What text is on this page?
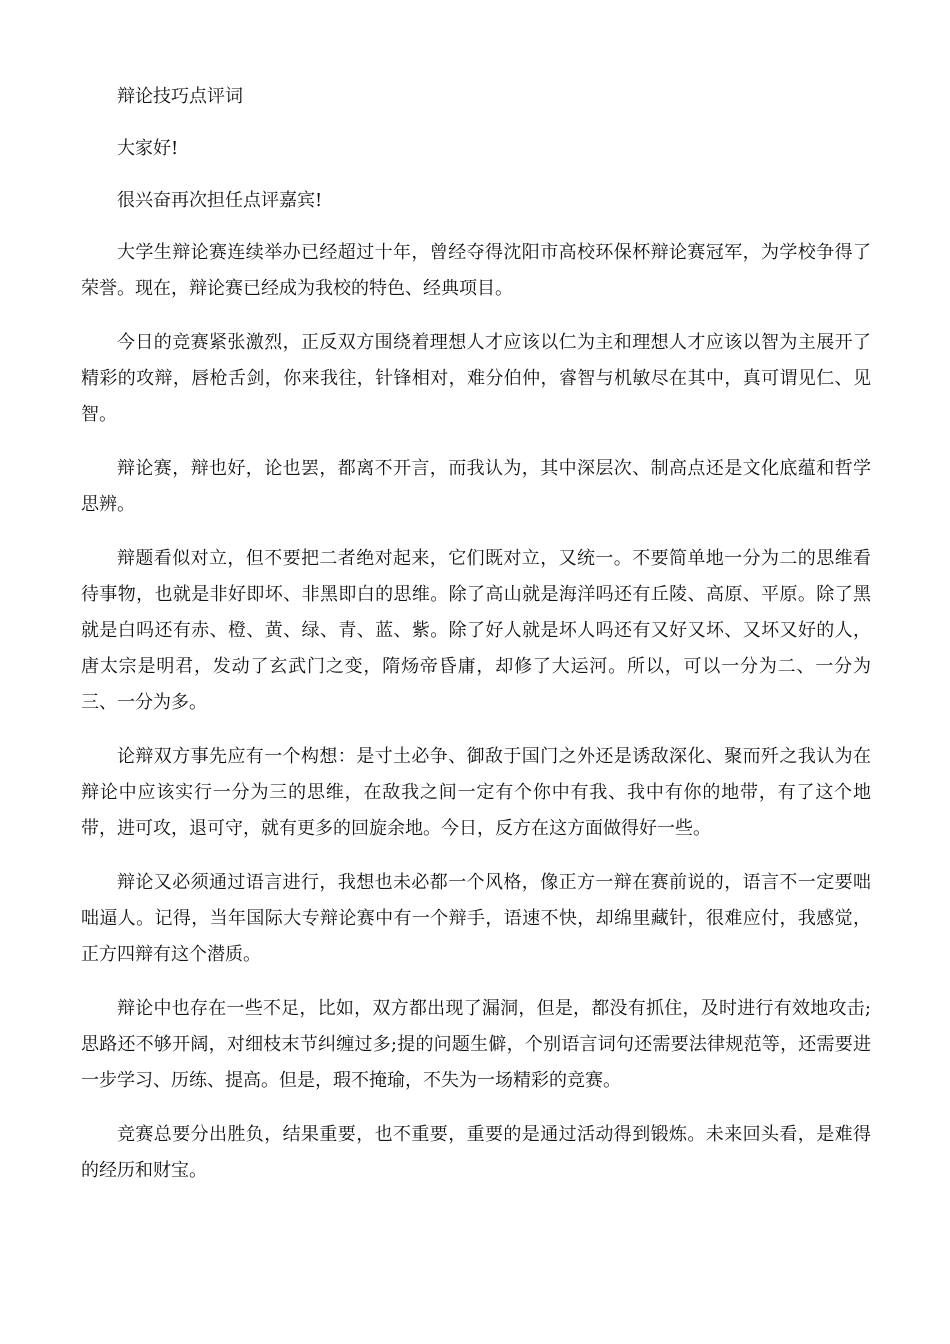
辩论技巧点评词

大家好!

很兴奋再次担任点评嘉宾!

大学生辩论赛连续举办已经超过十年，曾经夺得沈阳市高校环保杯辩论赛冠军，为学校争得了荣誉。现在，辩论赛已经成为我校的特色、经典项目。

今日的竞赛紧张激烈，正反双方围绕着理想人才应该以仁为主和理想人才应该以智为主展开了精彩的攻辩，唇枪舌剑，你来我往，针锋相对，难分伯仲，睿智与机敏尽在其中，真可谓见仁、见智。

辩论赛，辩也好，论也罢，都离不开言，而我认为，其中深层次、制高点还是文化底蕴和哲学思辨。

辩题看似对立，但不要把二者绝对起来，它们既对立，又统一。不要简单地一分为二的思维看待事物，也就是非好即坏、非黑即白的思维。除了高山就是海洋吗还有丘陵、高原、平原。除了黑就是白吗还有赤、橙、黄、绿、青、蓝、紫。除了好人就是坏人吗还有又好又坏、又坏又好的人，唐太宗是明君，发动了玄武门之变，隋炀帝昏庸，却修了大运河。所以，可以一分为二、一分为三、一分为多。

论辩双方事先应有一个构想：是寸土必争、御敌于国门之外还是诱敌深化、聚而歼之我认为在辩论中应该实行一分为三的思维，在敌我之间一定有个你中有我、我中有你的地带，有了这个地带，进可攻，退可守，就有更多的回旋余地。今日，反方在这方面做得好一些。

辩论又必须通过语言进行，我想也未必都一个风格，像正方一辩在赛前说的，语言不一定要咄咄逼人。记得，当年国际大专辩论赛中有一个辩手，语速不快，却绵里藏针，很难应付，我感觉，正方四辩有这个潜质。

辩论中也存在一些不足，比如，双方都出现了漏洞，但是，都没有抓住，及时进行有效地攻击;思路还不够开阔，对细枝末节纠缠过多;提的问题生僻，个别语言词句还需要法律规范等，还需要进一步学习、历练、提高。但是，瑕不掩瑜，不失为一场精彩的竞赛。

竞赛总要分出胜负，结果重要，也不重要，重要的是通过活动得到锻炼。未来回头看，是难得的经历和财宝。
